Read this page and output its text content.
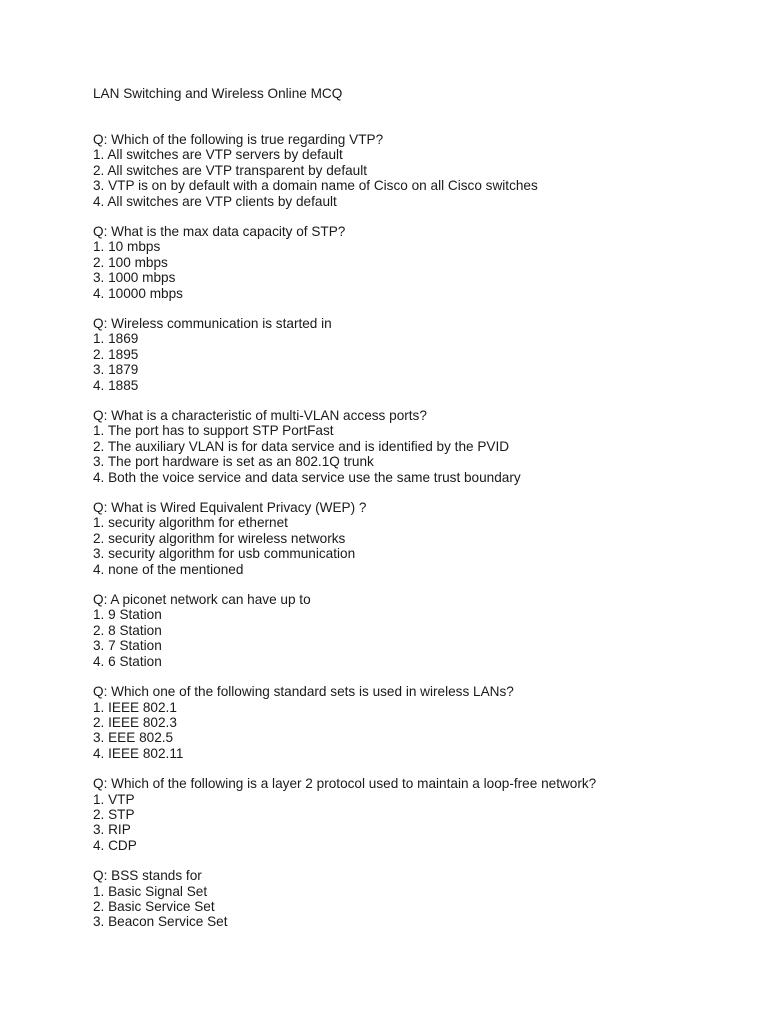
LAN Switching and Wireless Online MCQ
Q: Which of the following is true regarding VTP?
1. All switches are VTP servers by default
2. All switches are VTP transparent by default
3. VTP is on by default with a domain name of Cisco on all Cisco switches
4. All switches are VTP clients by default
Q: What is the max data capacity of STP?
1. 10 mbps
2. 100 mbps
3. 1000 mbps
4. 10000 mbps
Q: Wireless communication is started in
1. 1869
2. 1895
3. 1879
4. 1885
Q: What is a characteristic of multi-VLAN access ports?
1. The port has to support STP PortFast
2. The auxiliary VLAN is for data service and is identified by the PVID
3. The port hardware is set as an 802.1Q trunk
4. Both the voice service and data service use the same trust boundary
Q: What is Wired Equivalent Privacy (WEP) ?
1. security algorithm for ethernet
2. security algorithm for wireless networks
3. security algorithm for usb communication
4. none of the mentioned
Q: A piconet network can have up to
1. 9 Station
2. 8 Station
3. 7 Station
4. 6 Station
Q: Which one of the following standard sets is used in wireless LANs?
1. IEEE 802.1
2. IEEE 802.3
3. EEE 802.5
4. IEEE 802.11
Q: Which of the following is a layer 2 protocol used to maintain a loop-free network?
1. VTP
2. STP
3. RIP
4. CDP
Q: BSS stands for
1. Basic Signal Set
2. Basic Service Set
3. Beacon Service Set
